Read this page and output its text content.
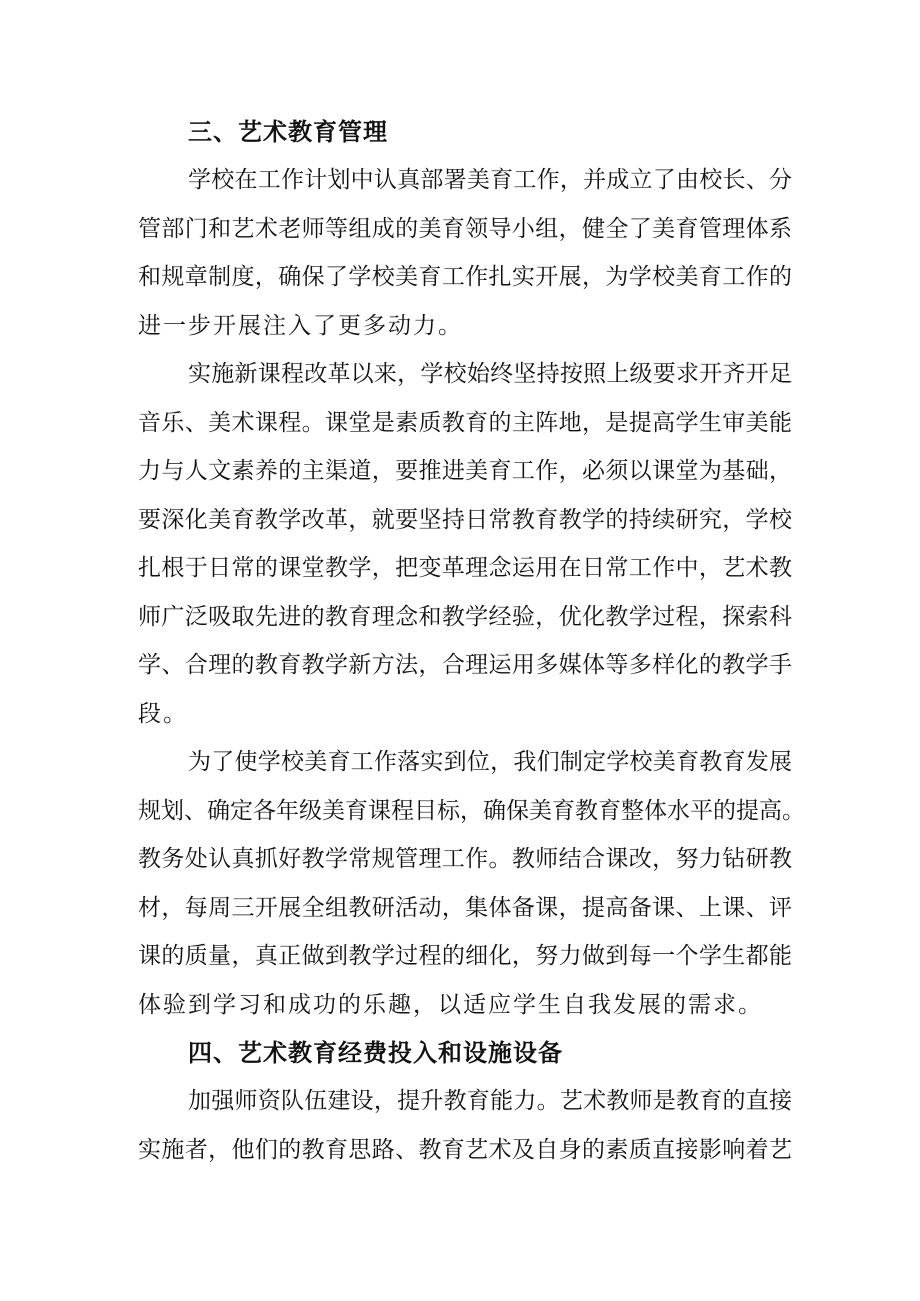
三、艺术教育管理
学校在工作计划中认真部署美育工作，并成立了由校长、分
管部门和艺术老师等组成的美育领导小组，健全了美育管理体系
和规章制度，确保了学校美育工作扎实开展，为学校美育工作的
进一步开展注入了更多动力。
实施新课程改革以来，学校始终坚持按照上级要求开齐开足
音乐、美术课程。课堂是素质教育的主阵地，是提高学生审美能
力与人文素养的主渠道，要推进美育工作，必须以课堂为基础，
要深化美育教学改革，就要坚持日常教育教学的持续研究，学校
扎根于日常的课堂教学，把变革理念运用在日常工作中，艺术教
师广泛吸取先进的教育理念和教学经验，优化教学过程，探索科
学、合理的教育教学新方法，合理运用多媒体等多样化的教学手
段。
为了使学校美育工作落实到位，我们制定学校美育教育发展
规划、确定各年级美育课程目标，确保美育教育整体水平的提高。
教务处认真抓好教学常规管理工作。教师结合课改，努力钻研教
材，每周三开展全组教研活动，集体备课，提高备课、上课、评
课的质量，真正做到教学过程的细化，努力做到每一个学生都能
体验到学习和成功的乐趣，以适应学生自我发展的需求。
四、艺术教育经费投入和设施设备
加强师资队伍建设，提升教育能力。艺术教师是教育的直接
实施者，他们的教育思路、教育艺术及自身的素质直接影响着艺
